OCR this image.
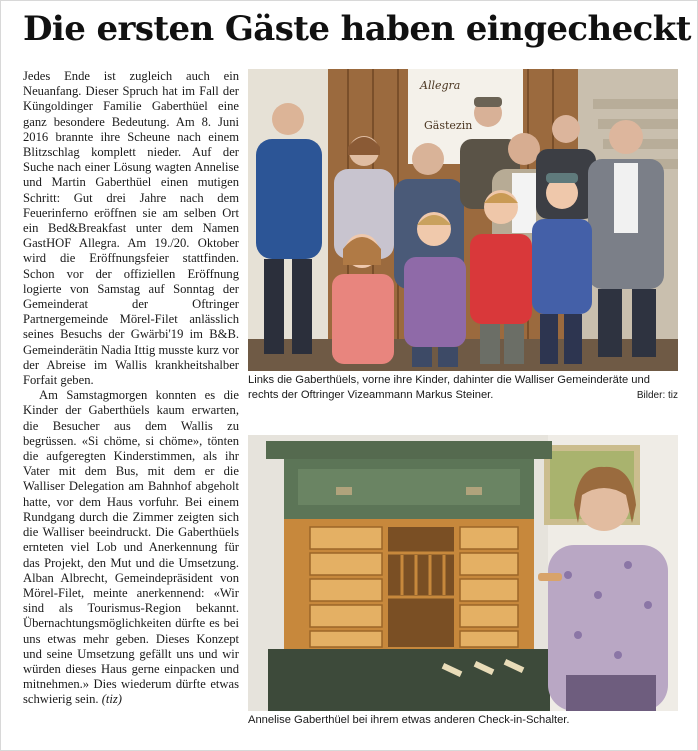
Die ersten Gäste haben eingecheckt

Jedes Ende ist zugleich auch ein Neuanfang. Dieser Spruch hat im Fall der Küngoldinger Familie Gaberthüel eine ganz besondere Bedeutung. Am 8. Juni 2016 brannte ihre Scheune nach einem Blitzschlag komplett nieder. Auf der Suche nach einer Lösung wagten Annelise und Martin Gaberthüel einen mutigen Schritt: Gut drei Jahre nach dem Feuerinferno eröffnen sie am selben Ort ein Bed&Breakfast unter dem Namen GastHOF Allegra. Am 19./20. Oktober wird die Eröffnungsfeier stattfinden. Schon vor der offiziellen Eröffnung logierte von Samstag auf Sonntag der Gemeinderat der Oftringer Partnergemeinde Mörel-Filet anlässlich seines Besuchs der Gwärbi'19 im B&B. Gemeinderätin Nadia Ittig musste kurz vor der Abreise im Wallis krankheitshalber Forfait geben.

Am Samstagmorgen konnten es die Kinder der Gaberthüels kaum erwarten, die Besucher aus dem Wallis zu begrüssen. «Si chöme, si chöme», tönten die aufgeregten Kinderstimmen, als ihr Vater mit dem Bus, mit dem er die Walliser Delegation am Bahnhof abgeholt hatte, vor dem Haus vorfuhr. Bei einem Rundgang durch die Zimmer zeigten sich die Walliser beeindruckt. Die Gaberthüels ernteten viel Lob und Anerkennung für das Projekt, den Mut und die Umsetzung. Alban Albrecht, Gemeindepräsident von Mörel-Filet, meinte anerkennend: «Wir sind als Tourismus-Region bekannt. Übernachtungsmöglichkeiten dürfte es bei uns etwas mehr geben. Dieses Konzept und seine Umsetzung gefällt uns und wir würden dieses Haus gerne einpacken und mitnehmen.» Dies wiederum dürfte etwas schwierig sein. (tiz)

Allegra
Gästezin
Links die Gaberthüels, vorne ihre Kinder, dahinter die Walliser Gemeinderäte und rechts der Oftringer Vizeammann Markus Steiner.	Bilder: tiz
Annelise Gaberthüel bei ihrem etwas anderen Check-in-Schalter.
